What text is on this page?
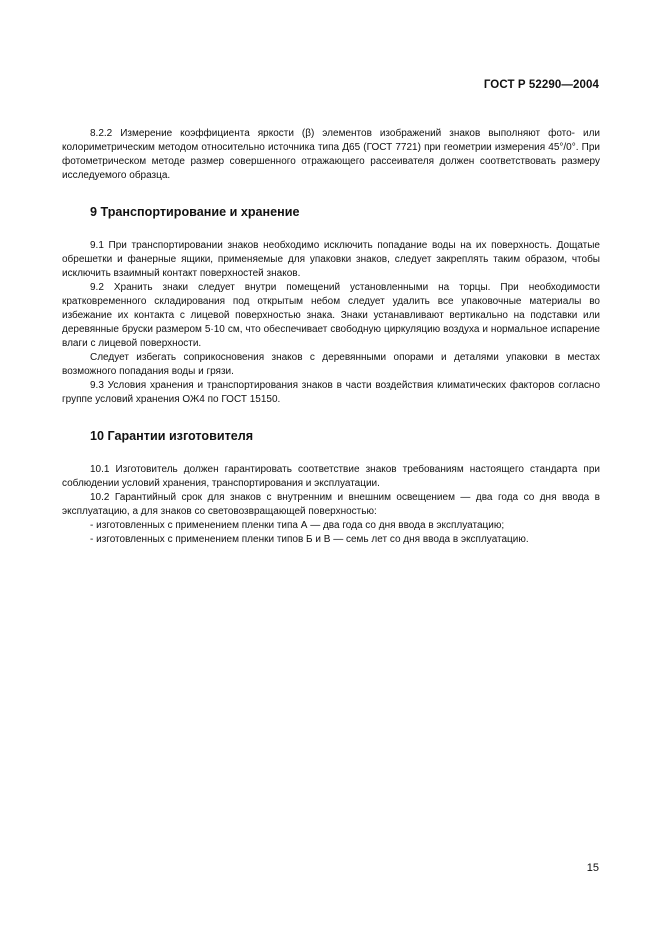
ГОСТ Р 52290—2004

8.2.2 Измерение коэффициента яркости (β) элементов изображений знаков выполняют фото- или колориметрическим методом относительно источника типа Д65 (ГОСТ 7721) при геометрии измерения 45°/0°. При фотометрическом методе размер совершенного отражающего рассеивателя должен соответствовать размеру исследуемого образца.

9 Транспортирование и хранение

9.1 При транспортировании знаков необходимо исключить попадание воды на их поверхность. Дощатые обрешетки и фанерные ящики, применяемые для упаковки знаков, следует закреплять таким образом, чтобы исключить взаимный контакт поверхностей знаков.

9.2 Хранить знаки следует внутри помещений установленными на торцы. При необходимости кратковременного складирования под открытым небом следует удалить все упаковочные материалы во избежание их контакта с лицевой поверхностью знака. Знаки устанавливают вертикально на подставки или деревянные бруски размером 5·10 см, что обеспечивает свободную циркуляцию воздуха и нормальное испарение влаги с лицевой поверхности.

Следует избегать соприкосновения знаков с деревянными опорами и деталями упаковки в местах возможного попадания воды и грязи.

9.3 Условия хранения и транспортирования знаков в части воздействия климатических факторов согласно группе условий хранения ОЖ4 по ГОСТ 15150.

10 Гарантии изготовителя

10.1 Изготовитель должен гарантировать соответствие знаков требованиям настоящего стандарта при соблюдении условий хранения, транспортирования и эксплуатации.

10.2 Гарантийный срок для знаков с внутренним и внешним освещением — два года со дня ввода в эксплуатацию, а для знаков со световозвращающей поверхностью:

- изготовленных с применением пленки типа А — два года со дня ввода в эксплуатацию;

- изготовленных с применением пленки типов Б и В — семь лет со дня ввода в эксплуатацию.

15
